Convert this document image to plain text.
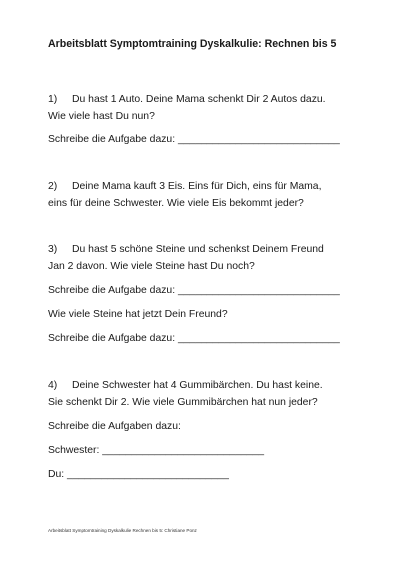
Arbeitsblatt Symptomtraining Dyskalkulie: Rechnen bis 5
1) Du hast 1 Auto. Deine Mama schenkt Dir 2 Autos dazu.
Wie viele hast Du nun?
Schreibe die Aufgabe dazu: ____________________________
2) Deine Mama kauft 3 Eis. Eins für Dich, eins für Mama,
eins für deine Schwester. Wie viele Eis bekommt jeder?
3) Du hast 5 schöne Steine und schenkst Deinem Freund
Jan 2 davon. Wie viele Steine hast Du noch?
Schreibe die Aufgabe dazu: ____________________________
Wie viele Steine hat jetzt Dein Freund?
Schreibe die Aufgabe dazu: ____________________________
4) Deine Schwester hat 4 Gummibärchen. Du hast keine.
Sie schenkt Dir 2. Wie viele Gummibärchen hat nun jeder?
Schreibe die Aufgaben dazu:
Schwester: ____________________________
Du: ____________________________
Arbeitsblatt Symptomtraining Dyskalkulie Rechnen bis 5: Christiane Ponz
